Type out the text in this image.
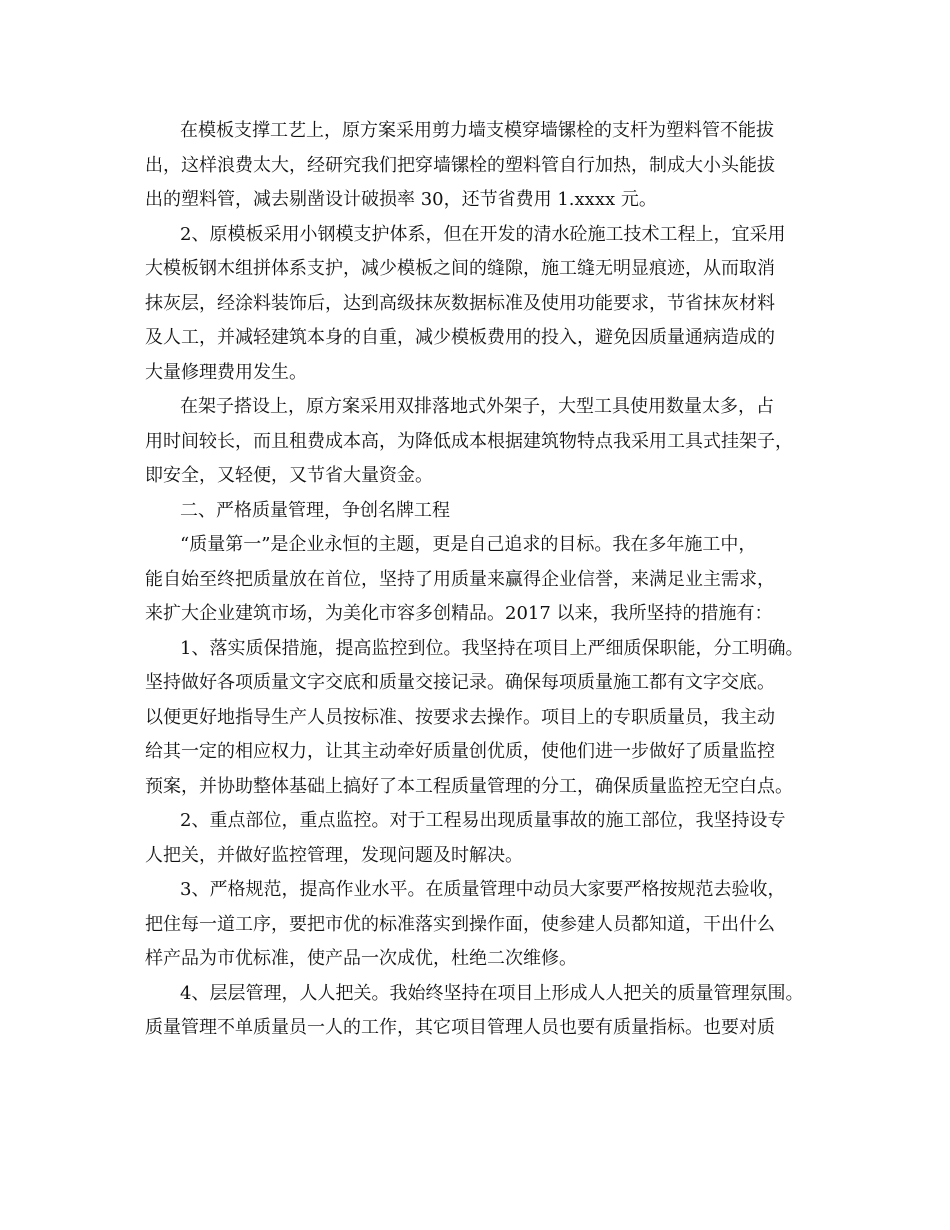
在模板支撑工艺上，原方案采用剪力墙支模穿墙镙栓的支杆为塑料管不能拔
出，这样浪费太大，经研究我们把穿墙镙栓的塑料管自行加热，制成大小头能拔
出的塑料管，减去剔凿设计破损率 30，还节省费用 1.xxxx 元。
2、原模板采用小钢模支护体系，但在开发的清水砼施工技术工程上，宜采用
大模板钢木组拼体系支护，减少模板之间的缝隙，施工缝无明显痕迹，从而取消
抹灰层，经涂料装饰后，达到高级抹灰数据标准及使用功能要求，节省抹灰材料
及人工，并减轻建筑本身的自重，减少模板费用的投入，避免因质量通病造成的
大量修理费用发生。
在架子搭设上，原方案采用双排落地式外架子，大型工具使用数量太多，占
用时间较长，而且租费成本高，为降低成本根据建筑物特点我采用工具式挂架子，
即安全，又轻便，又节省大量资金。
二、严格质量管理，争创名牌工程
“质量第一”是企业永恒的主题，更是自己追求的目标。我在多年施工中，
能自始至终把质量放在首位，坚持了用质量来赢得企业信誉，来满足业主需求，
来扩大企业建筑市场，为美化市容多创精品。2017 以来，我所坚持的措施有：
1、落实质保措施，提高监控到位。我坚持在项目上严细质保职能，分工明确。
坚持做好各项质量文字交底和质量交接记录。确保每项质量施工都有文字交底。
以便更好地指导生产人员按标准、按要求去操作。项目上的专职质量员，我主动
给其一定的相应权力，让其主动牵好质量创优质，使他们进一步做好了质量监控
预案，并协助整体基础上搞好了本工程质量管理的分工，确保质量监控无空白点。
2、重点部位，重点监控。对于工程易出现质量事故的施工部位，我坚持设专
人把关，并做好监控管理，发现问题及时解决。
3、严格规范，提高作业水平。在质量管理中动员大家要严格按规范去验收，
把住每一道工序，要把市优的标准落实到操作面，使参建人员都知道，干出什么
样产品为市优标准，使产品一次成优，杜绝二次维修。
4、层层管理，人人把关。我始终坚持在项目上形成人人把关的质量管理氛围。
质量管理不单质量员一人的工作，其它项目管理人员也要有质量指标。也要对质
